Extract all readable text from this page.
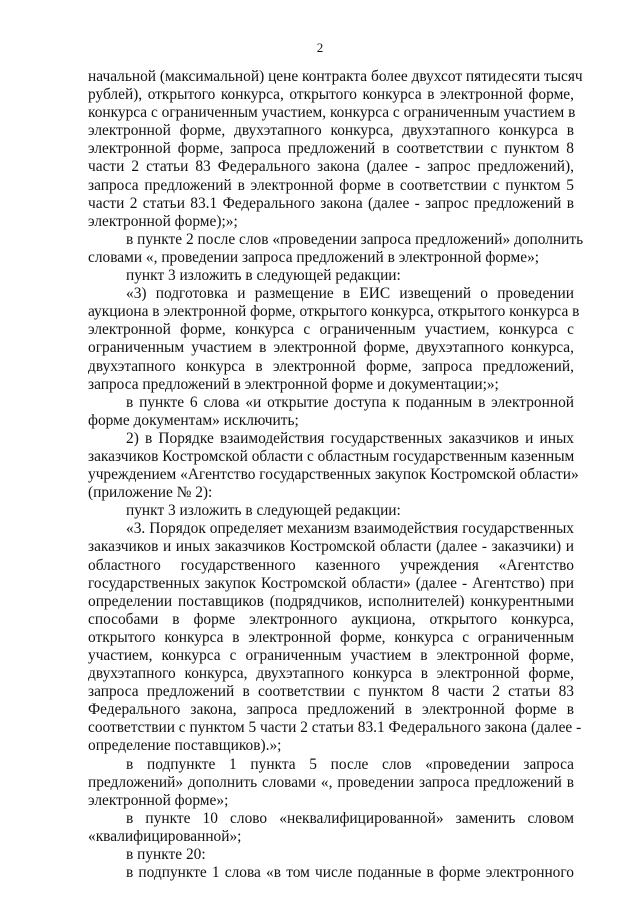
2
начальной (максимальной) цене контракта более двухсот пятидесяти тысяч
рублей), открытого конкурса, открытого конкурса в электронной форме,
конкурса с ограниченным участием, конкурса с ограниченным участием в
электронной форме, двухэтапного конкурса, двухэтапного конкурса в
электронной форме, запроса предложений в соответствии с пунктом 8
части 2 статьи 83 Федерального закона (далее - запрос предложений),
запроса предложений в электронной форме в соответствии с пунктом 5
части 2 статьи 83.1 Федерального закона (далее - запрос предложений в
электронной форме);»;
в пункте 2 после слов «проведении запроса предложений» дополнить
словами «, проведении запроса предложений в электронной форме»;
пункт 3 изложить в следующей редакции:
«3) подготовка и размещение в ЕИС извещений о проведении
аукциона в электронной форме, открытого конкурса, открытого конкурса в
электронной форме, конкурса с ограниченным участием, конкурса с
ограниченным участием в электронной форме, двухэтапного конкурса,
двухэтапного конкурса в электронной форме, запроса предложений,
запроса предложений в электронной форме и документации;»;
в пункте 6 слова «и открытие доступа к поданным в электронной
форме документам» исключить;
2) в Порядке взаимодействия государственных заказчиков и иных
заказчиков Костромской области с областным государственным казенным
учреждением «Агентство государственных закупок Костромской области»
(приложение № 2):
пункт 3 изложить в следующей редакции:
«3. Порядок определяет механизм взаимодействия государственных
заказчиков и иных заказчиков Костромской области (далее - заказчики) и
областного государственного казенного учреждения «Агентство
государственных закупок Костромской области» (далее - Агентство) при
определении поставщиков (подрядчиков, исполнителей) конкурентными
способами в форме электронного аукциона, открытого конкурса,
открытого конкурса в электронной форме, конкурса с ограниченным
участием, конкурса с ограниченным участием в электронной форме,
двухэтапного конкурса, двухэтапного конкурса в электронной форме,
запроса предложений в соответствии с пунктом 8 части 2 статьи 83
Федерального закона, запроса предложений в электронной форме в
соответствии с пунктом 5 части 2 статьи 83.1 Федерального закона (далее -
определение поставщиков).»;
в подпункте 1 пункта 5 после слов «проведении запроса
предложений» дополнить словами «, проведении запроса предложений в
электронной форме»;
в пункте 10 слово «неквалифицированной» заменить словом
«квалифицированной»;
в пункте 20:
в подпункте 1 слова «в том числе поданные в форме электронного
